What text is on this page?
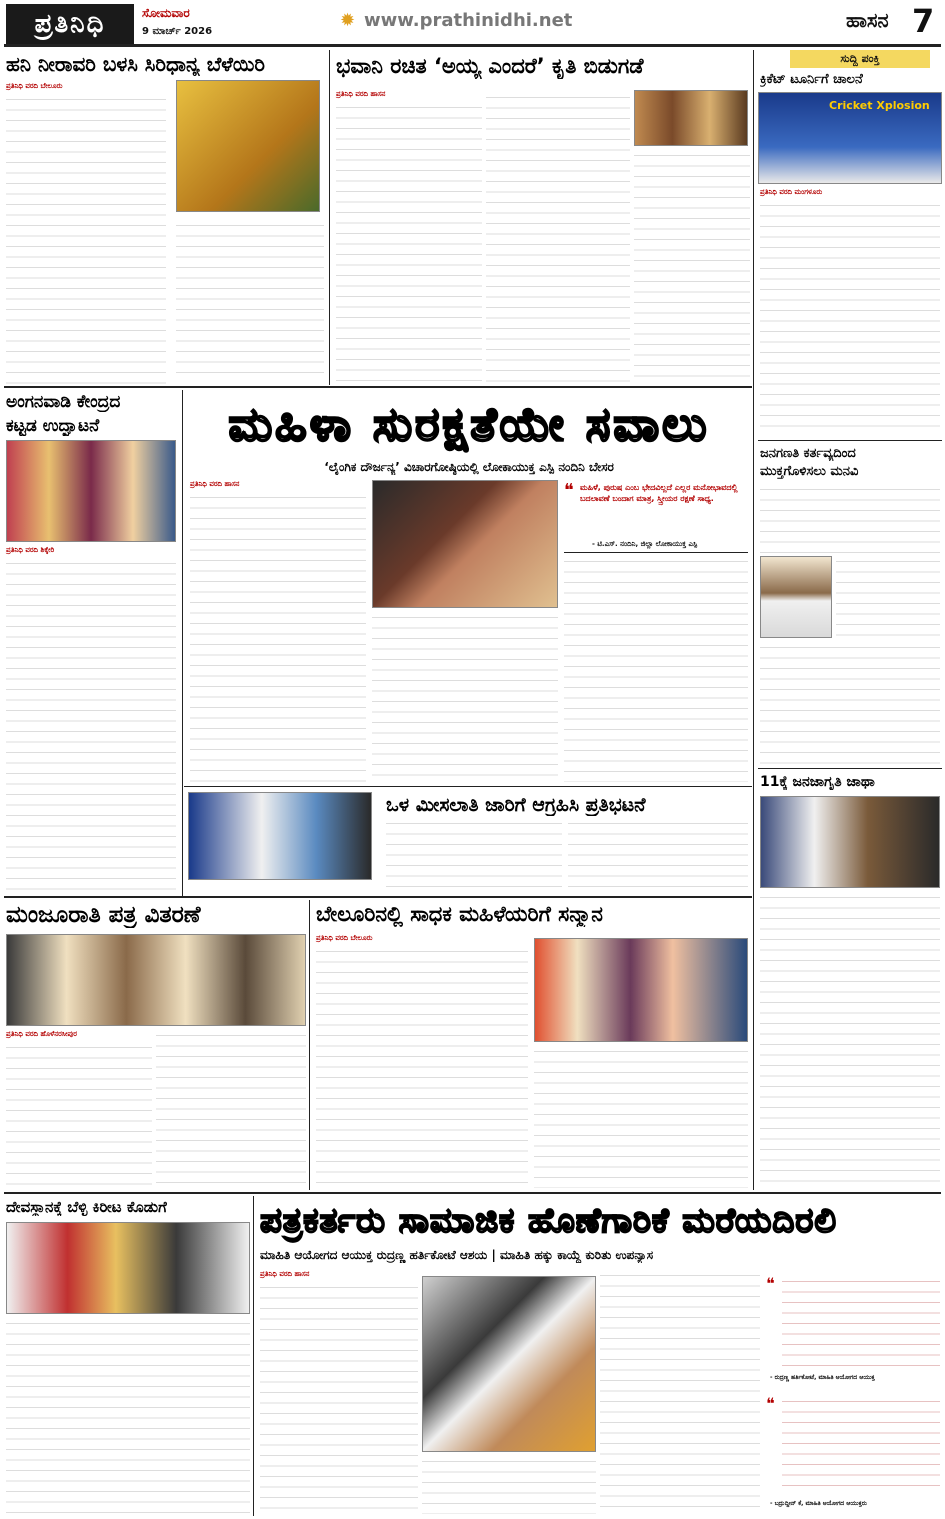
ಪ್ರತಿನಿಧಿ	ಸೋಮವಾರ
9 ಮಾರ್ಚ್ 2026
✹ www.prathinidhi.net	ಹಾಸನ 7
ಹನಿ ನೀರಾವರಿ ಬಳಸಿ ಸಿರಿಧಾನ್ಯ ಬೆಳೆಯಿರಿ
ಪ್ರತಿನಿಧಿ ವರದಿ ಬೇಲೂರು
ಭವಾನಿ ರಚಿತ ‘ಅಯ್ಯ ಎಂದರೆ’ ಕೃತಿ ಬಿಡುಗಡೆ
ಪ್ರತಿನಿಧಿ ವರದಿ ಹಾಸನ
ಸುದ್ದಿ ಪಂಕ್ತಿ
ಕ್ರಿಕೆಟ್ ಟೂರ್ನಿಗೆ ಚಾಲನೆ
Cricket Xplosion
ಪ್ರತಿನಿಧಿ ವರದಿ ಮಂಗಳೂರು
ಜನಗಣತಿ ಕರ್ತವ್ಯದಿಂದ
ಮುಕ್ತಗೊಳಿಸಲು ಮನವಿ
11ಕ್ಕೆ ಜನಜಾಗೃತಿ ಜಾಥಾ
ಅಂಗನವಾಡಿ ಕೇಂದ್ರದ
ಕಟ್ಟಡ ಉದ್ಘಾಟನೆ
ಪ್ರತಿನಿಧಿ ವರದಿ ಶಿಕ್ಕೇರಿ
ಮಹಿಳಾ ಸುರಕ್ಷತೆಯೇ ಸವಾಲು
‘ಲೈಂಗಿಕ ದೌರ್ಜನ್ಯ’ ವಿಚಾರಗೋಷ್ಠಿಯಲ್ಲಿ ಲೋಕಾಯುಕ್ತ ಎಸ್ಪಿ ನಂದಿನಿ ಬೇಸರ
ಪ್ರತಿನಿಧಿ ವರದಿ ಹಾಸನ	❝ ಮಹಿಳೆ, ಪುರುಷ ಎಂಬ ಭೇದವಿಲ್ಲದೆ ಎಲ್ಲರ ಮನೋಭಾವದಲ್ಲಿ ಬದಲಾವಣೆ ಬಂದಾಗ ಮಾತ್ರ, ಸ್ತ್ರೀಯರ ರಕ್ಷಣೆ ಸಾಧ್ಯ.
- ಟಿ.ಎಸ್. ನಂದಿನಿ, ಜಿಲ್ಲಾ ಲೋಕಾಯುಕ್ತ ಎಸ್ಪಿ
ಒಳ ಮೀಸಲಾತಿ ಜಾರಿಗೆ ಆಗ್ರಹಿಸಿ ಪ್ರತಿಭಟನೆ
ಮಂಜೂರಾತಿ ಪತ್ರ ವಿತರಣೆ
ಪ್ರತಿನಿಧಿ ವರದಿ ಹೊಳೆನರಸೀಪುರ
ಬೇಲೂರಿನಲ್ಲಿ ಸಾಧಕ ಮಹಿಳೆಯರಿಗೆ ಸನ್ಮಾನ
ಪ್ರತಿನಿಧಿ ವರದಿ ಬೇಲೂರು
ದೇವಸ್ಥಾನಕ್ಕೆ ಬೆಳ್ಳಿ ಕಿರೀಟ ಕೊಡುಗೆ	ಪತ್ರಕರ್ತರು ಸಾಮಾಜಿಕ ಹೊಣೆಗಾರಿಕೆ ಮರೆಯದಿರಲಿ
ಮಾಹಿತಿ ಆಯೋಗದ ಆಯುಕ್ತ ರುದ್ರಣ್ಣ ಹರ್ತಿಕೋಟೆ ಆಶಯ | ಮಾಹಿತಿ ಹಕ್ಕು ಕಾಯ್ದೆ ಕುರಿತು ಉಪನ್ಯಾಸ
ಪ್ರತಿನಿಧಿ ವರದಿ ಹಾಸನ	❝
- ರುದ್ರಣ್ಣ ಹರ್ತಿಕೋಟೆ, ಮಾಹಿತಿ ಆಯೋಗದ ಆಯುಕ್ತ
❝
- ಬದ್ರುದ್ದೀನ್ ಕೆ, ಮಾಹಿತಿ ಆಯೋಗದ ಆಯುಕ್ತರು
